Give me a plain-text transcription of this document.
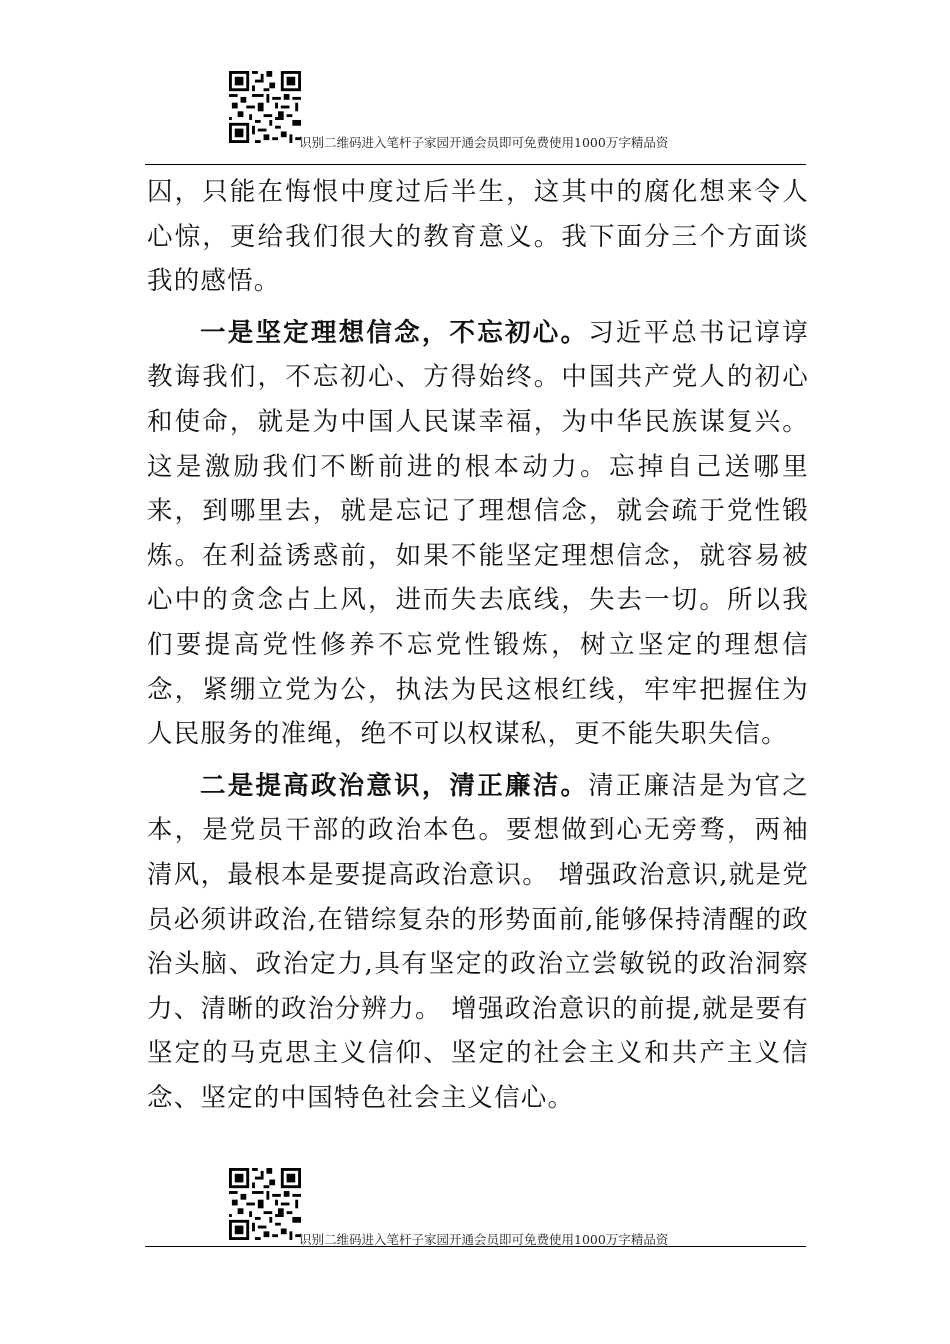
识别二维码进入笔杆子家园开通会员即可免费使用1000万字精品资

囚，只能在悔恨中度过后半生，这其中的腐化想来令人心惊，更给我们很大的教育意义。我下面分三个方面谈我的感悟。

一是坚定理想信念，不忘初心。习近平总书记谆谆教诲我们，不忘初心、方得始终。中国共产党人的初心和使命，就是为中国人民谋幸福，为中华民族谋复兴。这是激励我们不断前进的根本动力。忘掉自己送哪里来，到哪里去，就是忘记了理想信念，就会疏于党性锻炼。在利益诱惑前，如果不能坚定理想信念，就容易被心中的贪念占上风，进而失去底线，失去一切。所以我们要提高党性修养不忘党性锻炼，树立坚定的理想信念，紧绷立党为公，执法为民这根红线，牢牢把握住为人民服务的准绳，绝不可以权谋私，更不能失职失信。

二是提高政治意识，清正廉洁。清正廉洁是为官之本，是党员干部的政治本色。要想做到心无旁骛，两袖清风，最根本是要提高政治意识。 增强政治意识,就是党员必须讲政治,在错综复杂的形势面前,能够保持清醒的政治头脑、政治定力,具有坚定的政治立尝敏锐的政治洞察力、清晰的政治分辨力。 增强政治意识的前提,就是要有坚定的马克思主义信仰、坚定的社会主义和共产主义信念、坚定的中国特色社会主义信心。

识别二维码进入笔杆子家园开通会员即可免费使用1000万字精品资
